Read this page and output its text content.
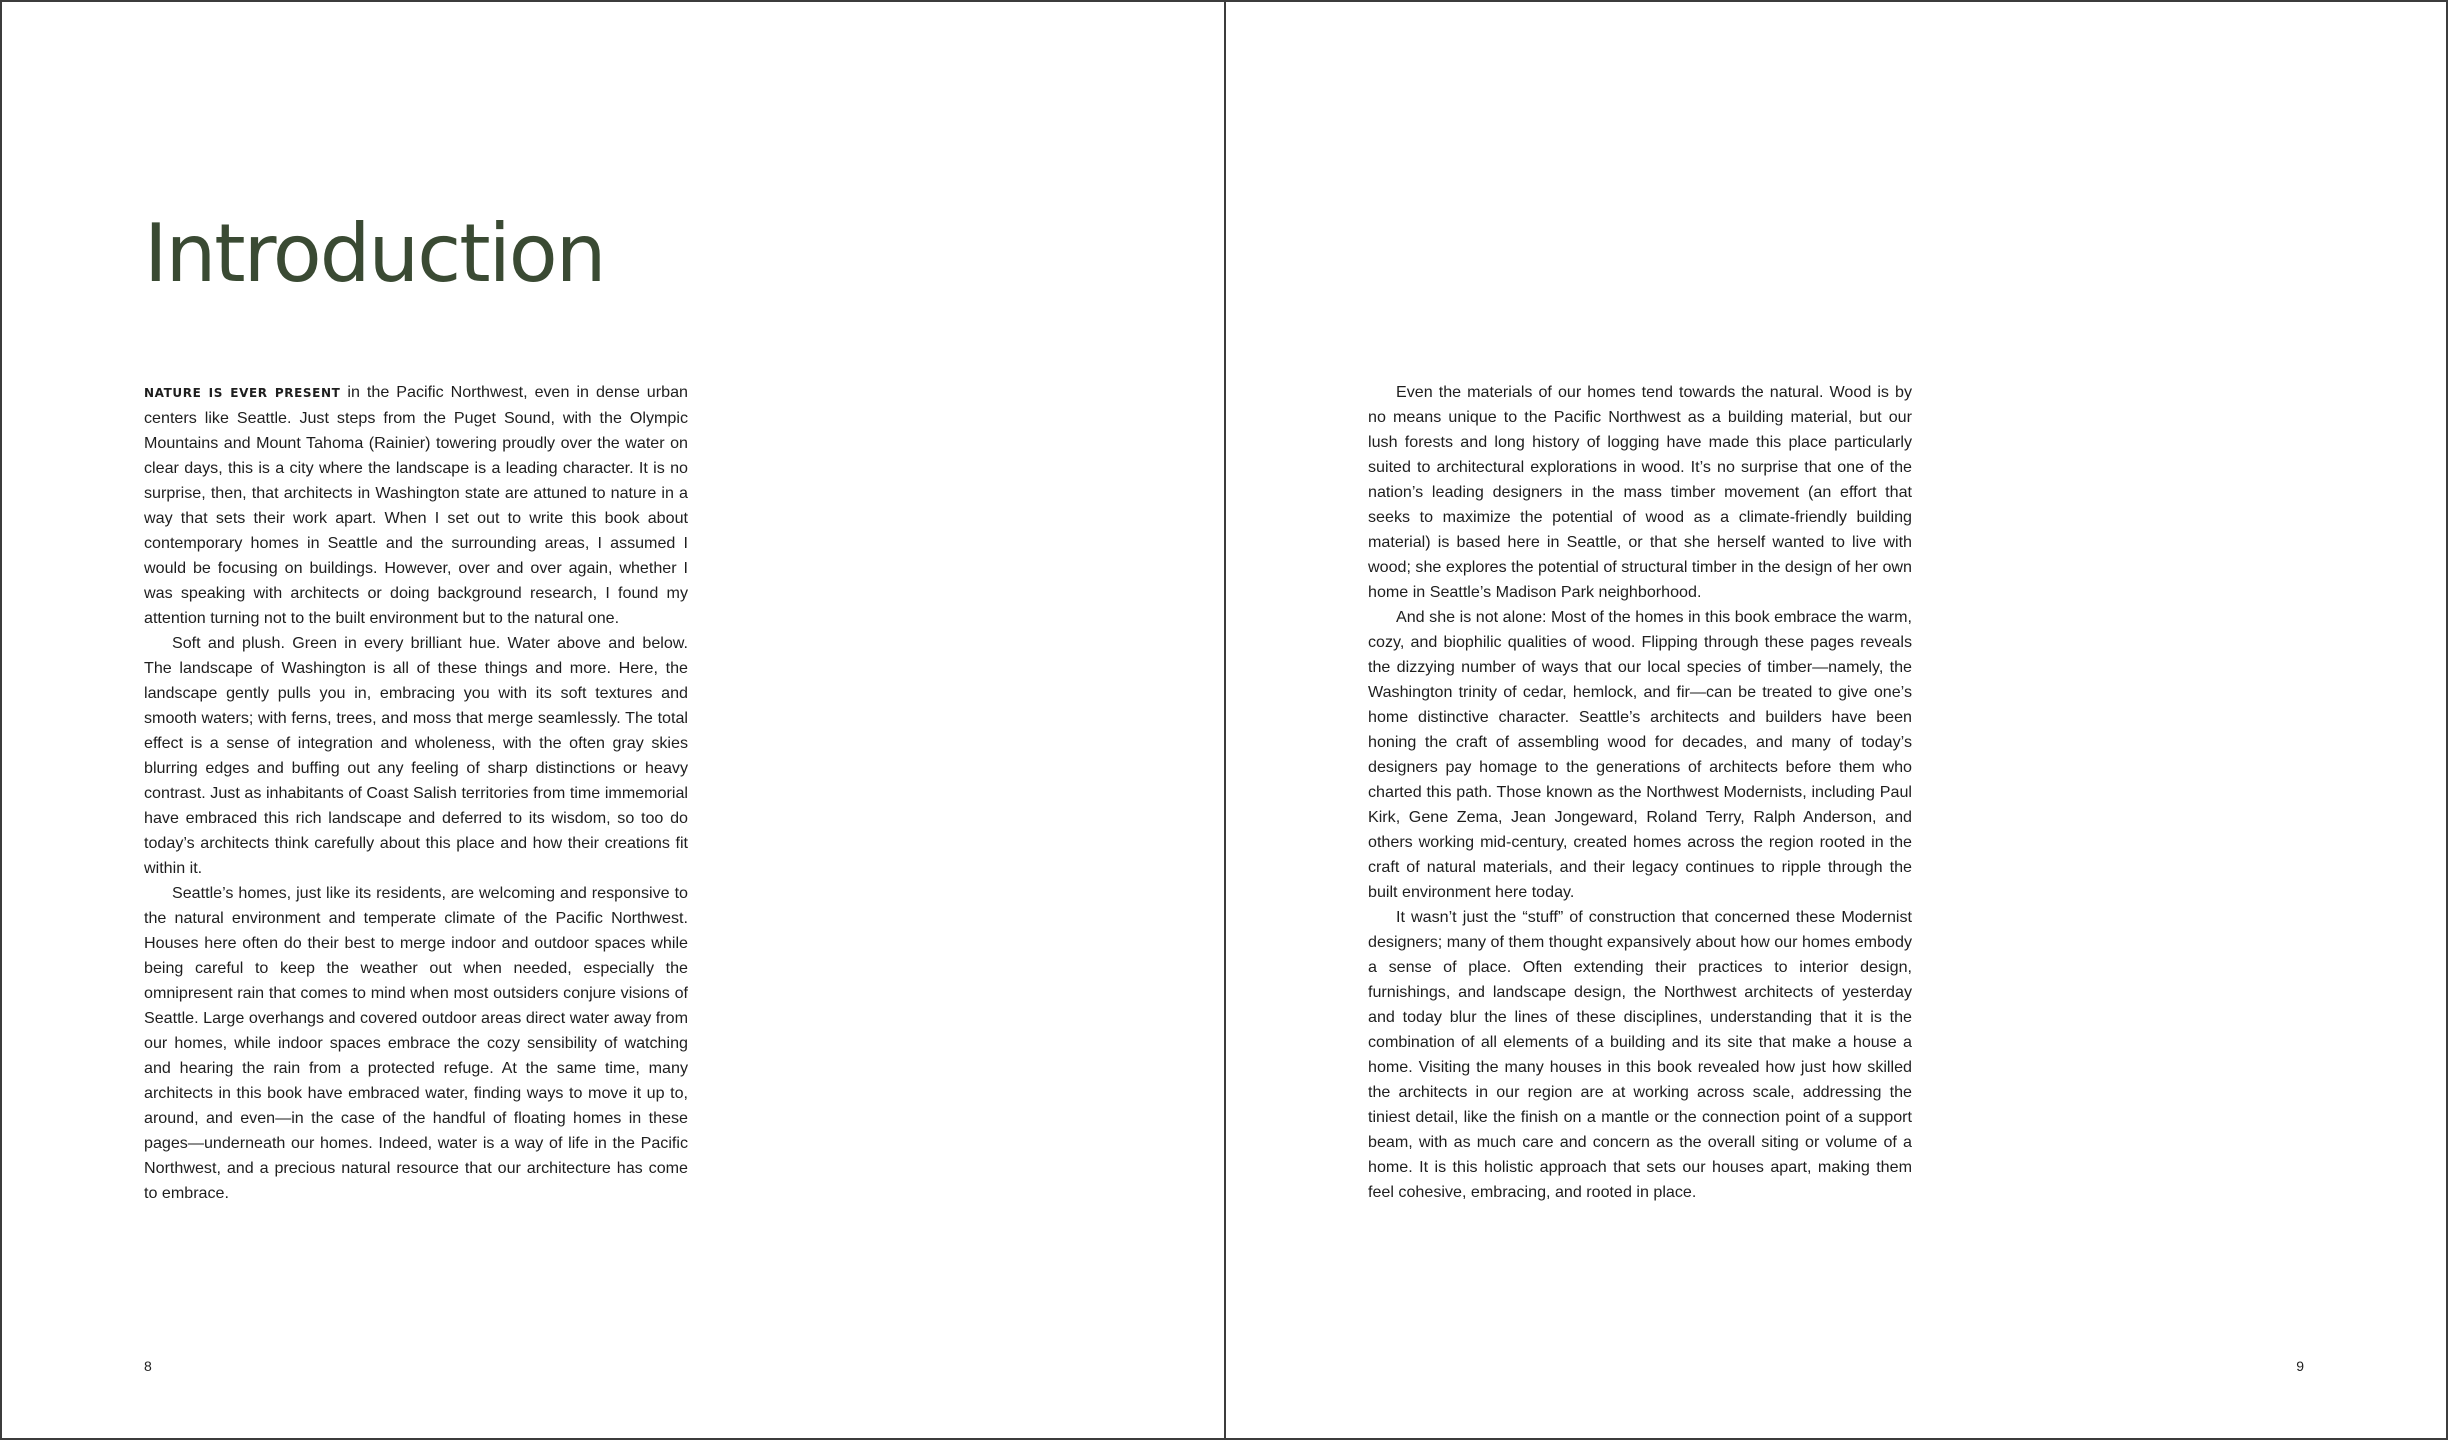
Introduction

NATURE IS EVER PRESENT in the Pacific Northwest, even in dense urban centers like Seattle. Just steps from the Puget Sound, with the Olympic Mountains and Mount Tahoma (Rainier) towering proudly over the water on clear days, this is a city where the landscape is a leading character. It is no surprise, then, that architects in Washington state are attuned to nature in a way that sets their work apart. When I set out to write this book about contemporary homes in Seattle and the surrounding areas, I assumed I would be focusing on buildings. However, over and over again, whether I was speaking with architects or doing background research, I found my attention turning not to the built environment but to the natural one.

Soft and plush. Green in every brilliant hue. Water above and below. The landscape of Washington is all of these things and more. Here, the landscape gently pulls you in, embracing you with its soft textures and smooth waters; with ferns, trees, and moss that merge seamlessly. The total effect is a sense of integration and wholeness, with the often gray skies blurring edges and buffing out any feeling of sharp distinctions or heavy contrast. Just as inhabitants of Coast Salish territories from time immemorial have embraced this rich landscape and deferred to its wisdom, so too do today’s architects think carefully about this place and how their creations fit within it.

Seattle’s homes, just like its residents, are welcoming and responsive to the natural environment and temperate climate of the Pacific Northwest. Houses here often do their best to merge indoor and outdoor spaces while being careful to keep the weather out when needed, especially the omnipresent rain that comes to mind when most outsiders conjure visions of Seattle. Large overhangs and covered outdoor areas direct water away from our homes, while indoor spaces embrace the cozy sensibility of watching and hearing the rain from a protected refuge. At the same time, many architects in this book have embraced water, finding ways to move it up to, around, and even—in the case of the handful of floating homes in these pages—underneath our homes. Indeed, water is a way of life in the Pacific Northwest, and a precious natural resource that our architecture has come to embrace.

8

Even the materials of our homes tend towards the natural. Wood is by no means unique to the Pacific Northwest as a building material, but our lush forests and long history of logging have made this place particularly suited to architectural explorations in wood. It’s no surprise that one of the nation’s leading designers in the mass timber movement (an effort that seeks to maximize the potential of wood as a climate-friendly building material) is based here in Seattle, or that she herself wanted to live with wood; she explores the potential of structural timber in the design of her own home in Seattle’s Madison Park neighborhood.

And she is not alone: Most of the homes in this book embrace the warm, cozy, and biophilic qualities of wood. Flipping through these pages reveals the dizzying number of ways that our local species of timber—namely, the Washington trinity of cedar, hemlock, and fir—can be treated to give one’s home distinctive character. Seattle’s architects and builders have been honing the craft of assembling wood for decades, and many of today’s designers pay homage to the generations of architects before them who charted this path. Those known as the Northwest Modernists, including Paul Kirk, Gene Zema, Jean Jongeward, Roland Terry, Ralph Anderson, and others working mid-century, created homes across the region rooted in the craft of natural materials, and their legacy continues to ripple through the built environment here today.

It wasn’t just the “stuff” of construction that concerned these Modernist designers; many of them thought expansively about how our homes embody a sense of place. Often extending their practices to interior design, furnishings, and landscape design, the Northwest architects of yesterday and today blur the lines of these disciplines, understanding that it is the combination of all elements of a building and its site that make a house a home. Visiting the many houses in this book revealed how just how skilled the architects in our region are at working across scale, addressing the tiniest detail, like the finish on a mantle or the connection point of a support beam, with as much care and concern as the overall siting or volume of a home. It is this holistic approach that sets our houses apart, making them feel cohesive, embracing, and rooted in place.

9
